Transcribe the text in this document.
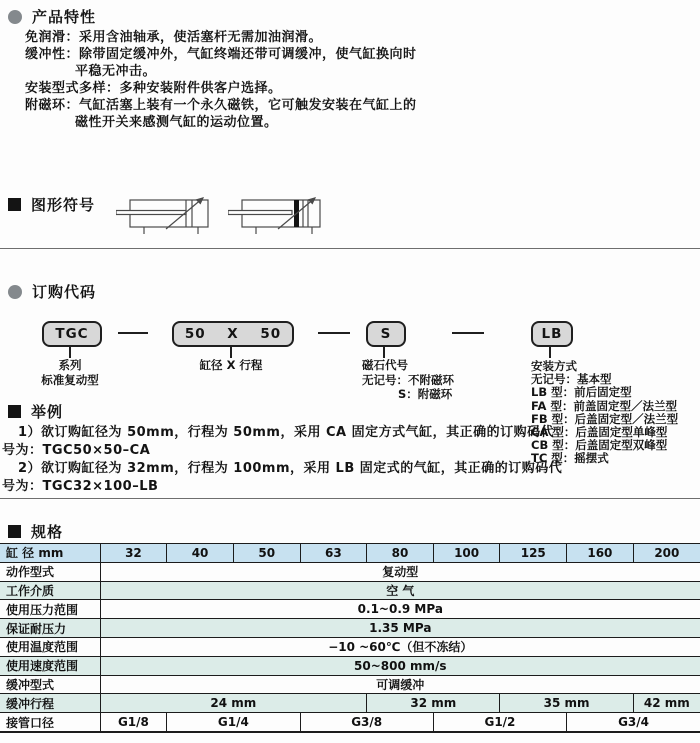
产品特性
免润滑：采用含油轴承，使活塞杆无需加油润滑。
缓冲性：除带固定缓冲外，气缸终端还带可调缓冲，使气缸换向时
平稳无冲击。
安装型式多样：多种安装附件供客户选择。
附磁环：气缸活塞上装有一个永久磁铁，它可触发安装在气缸上的
磁性开关来感测气缸的运动位置。
图形符号
订购代码
TGC	50 X 50	S	LB
系列
标准复动型
缸径 X 行程	磁石代号
无记号：不附磁环
S：附磁环
安装方式
无记号：基本型
LB 型：前后固定型
FA 型：前盖固定型／法兰型
FB 型：后盖固定型／法兰型
CA 型：后盖固定型单峰型
CB 型：后盖固定型双峰型
TC 型：摇摆式
举例
1）欲订购缸径为 50mm，行程为 50mm，采用 CA 固定方式气缸，其正确的订购码代
号为：TGC50×50–CA
2）欲订购缸径为 32mm，行程为 100mm，采用 LB 固定式的气缸，其正确的订购码代
号为：TGC32×100–LB
规格
缸 径 mm	32	40	50	63	80	100	125	160	200
动作型式	复动型								
工作介质	空 气								
使用压力范围	0.1~0.9 MPa								
保证耐压力	1.35 MPa								
使用温度范围	−10 ~60℃（但不冻结）								
使用速度范围	50~800 mm/s								
缓冲型式	可调缓冲								
缓冲行程	24 mm				32 mm		35 mm		42 mm
接管口径	G1/8	G1/4		G3/8		G1/2		G3/4	
